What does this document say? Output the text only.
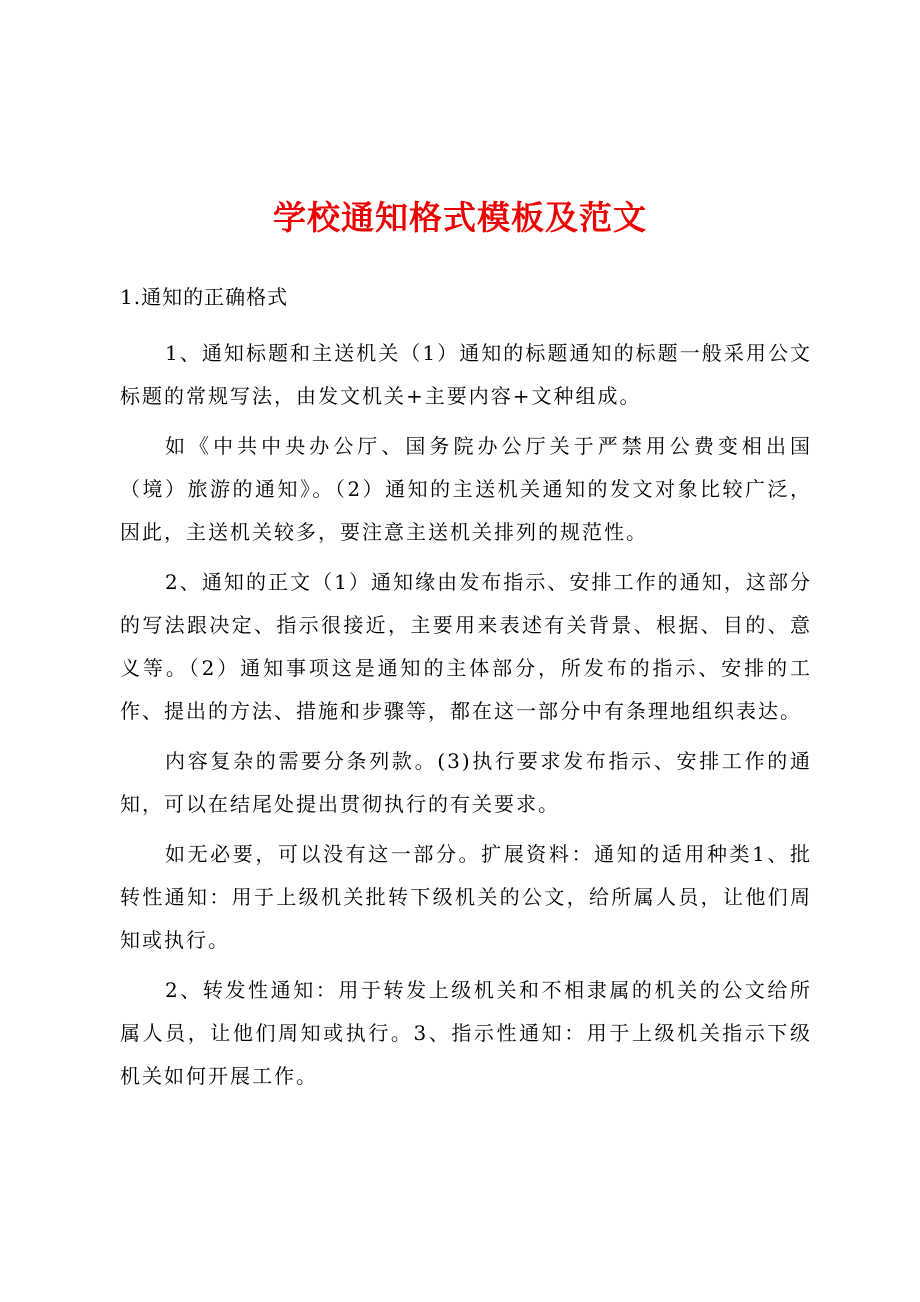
学校通知格式模板及范文

1.通知的正确格式

1、通知标题和主送机关（1）通知的标题通知的标题一般采用公文标题的常规写法，由发文机关+主要内容+文种组成。

如《中共中央办公厅、国务院办公厅关于严禁用公费变相出国（境）旅游的通知》。（2）通知的主送机关通知的发文对象比较广泛，因此，主送机关较多，要注意主送机关排列的规范性。

2、通知的正文（1）通知缘由发布指示、安排工作的通知，这部分的写法跟决定、指示很接近，主要用来表述有关背景、根据、目的、意义等。（2）通知事项这是通知的主体部分，所发布的指示、安排的工作、提出的方法、措施和步骤等，都在这一部分中有条理地组织表达。

内容复杂的需要分条列款。(3)执行要求发布指示、安排工作的通知，可以在结尾处提出贯彻执行的有关要求。

如无必要，可以没有这一部分。扩展资料：通知的适用种类1、批转性通知：用于上级机关批转下级机关的公文，给所属人员，让他们周知或执行。

2、转发性通知：用于转发上级机关和不相隶属的机关的公文给所属人员，让他们周知或执行。3、指示性通知：用于上级机关指示下级机关如何开展工作。
